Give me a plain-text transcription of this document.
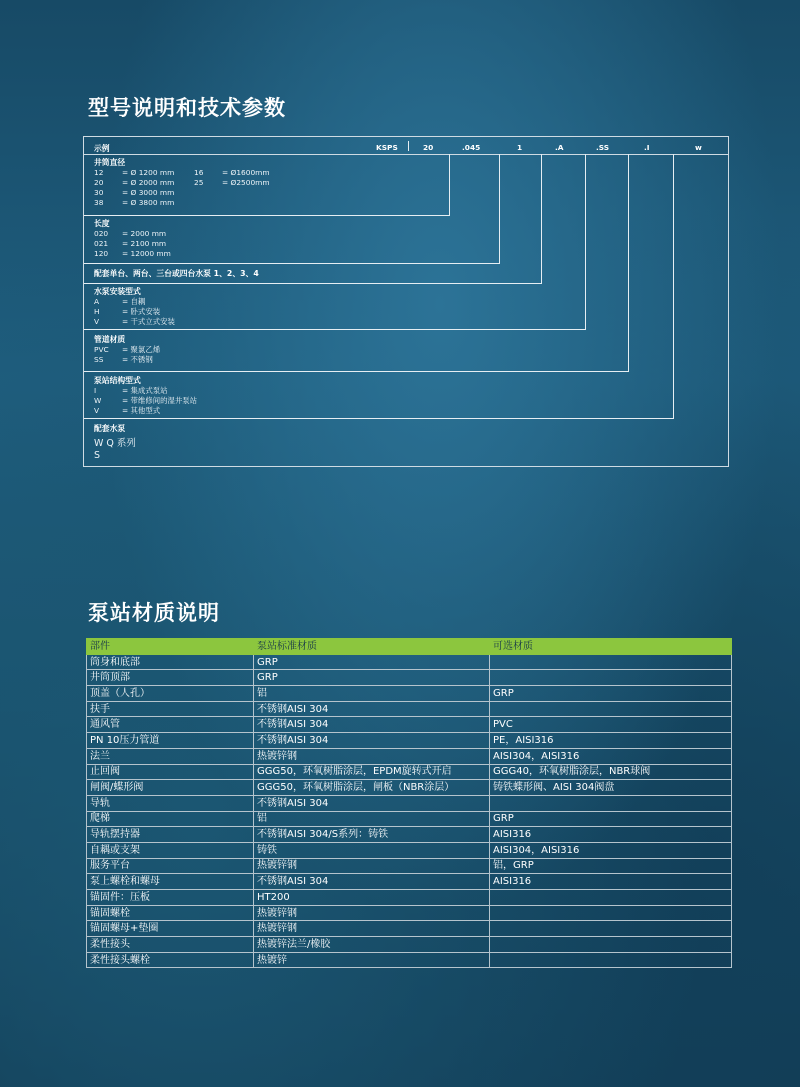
型号说明和技术参数
示例	KSPS	20	.045	1	.A	.SS	.I	w
井筒直径
12	= Ø 1200 mm
20	= Ø 2000 mm
30	= Ø 3000 mm
38	= Ø 3800 mm
16	= Ø1600mm
25	= Ø2500mm
长度
020	= 2000 mm
021	= 2100 mm
120	= 12000 mm
配套单台、两台、三台或四台水泵 1、2、3、4
水泵安装型式
A	= 自耦
H	= 卧式安装
V	= 干式立式安装
管道材质
PVC	= 聚氯乙烯
SS	= 不锈钢
泵站结构型式
I	= 集成式泵站
W	= 带维修间的湿井泵站
V	= 其他型式
配套水泵
W Q 系列
S
泵站材质说明
部件	泵站标准材质	可选材质
筒身和底部	GRP	
井筒顶部	GRP	
顶盖（人孔）	铝	GRP
扶手	不锈钢AISI 304	
通风管	不锈钢AISI 304	PVC
PN 10压力管道	不锈钢AISI 304	PE，AISI316
法兰	热镀锌钢	AISI304，AISI316
止回阀	GGG50，环氧树脂涂层，EPDM旋转式开启	GGG40，环氧树脂涂层，NBR球阀
闸阀/蝶形阀	GGG50，环氧树脂涂层，闸板（NBR涂层）	铸铁蝶形阀、AISI 304阀盘
导轨	不锈钢AISI 304	
爬梯	铝	GRP
导轨摆持器	不锈钢AISI 304/S系列：铸铁	AISI316
自耦或支架	铸铁	AISI304，AISI316
服务平台	热镀锌钢	铝，GRP
泵上螺栓和螺母	不锈钢AISI 304	AISI316
锚固件：压板	HT200	
锚固螺栓	热镀锌钢	
锚固螺母+垫圈	热镀锌钢	
柔性接头	热镀锌法兰/橡胶	
柔性接头螺栓	热镀锌	
